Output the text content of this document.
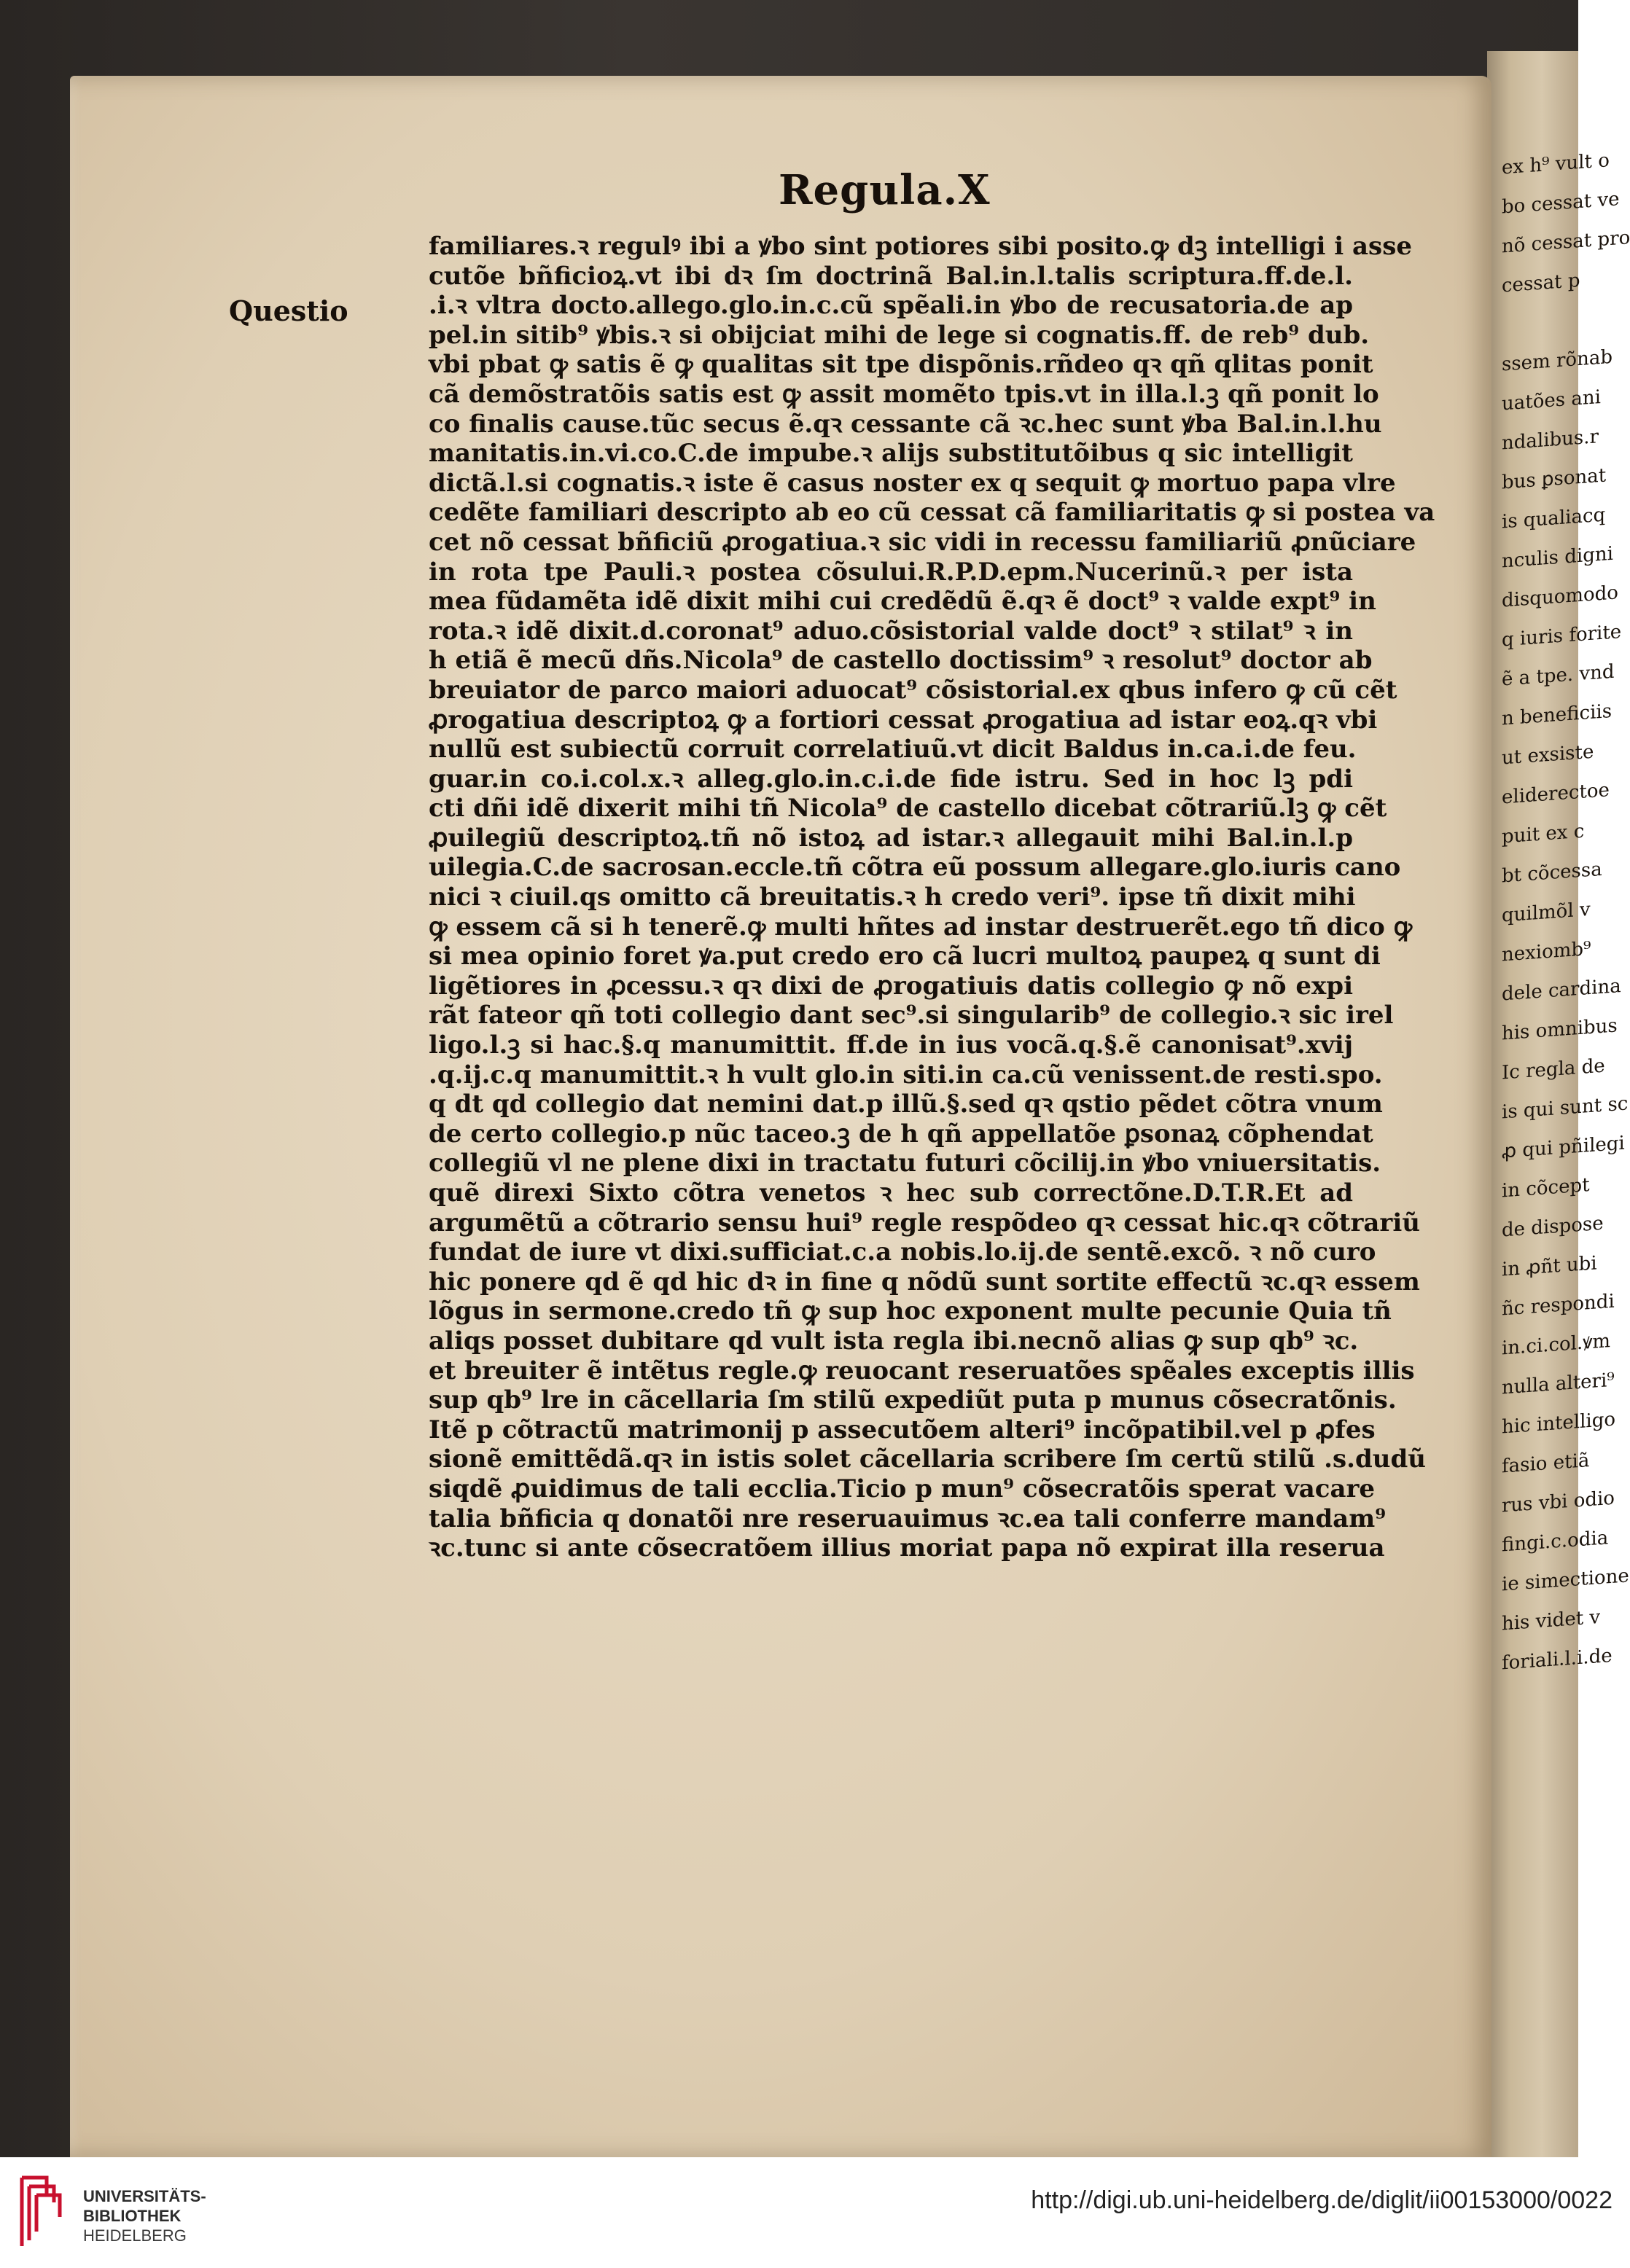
ex h⁹ vult o
bo cessat ve
nõ cessat pro
cessat p
ssem rõnab
uatões ani
ndalibus.r
bus ꝑsonat
is qualiacq
nculis digni
disquomodo
q iuris forite
ẽ a tpe. vnd
n beneficiis
ut exsiste
eliderectoe
puit ex c
bt cõcessa
quilmõl v
nexiomb⁹
dele cardina
his omnibus
Ic regla de
is qui sunt sc
ꝓ qui pñilegi
in cõcept
de dispose
in ꝓñt ubi
ñc respondi
in.ci.col.ꝟm
nulla alteri⁹
hic intelligo
fasio etiã
rus vbi odio
fingi.c.odia
ie simectione
his videt v
foriali.l.i.de
Regula.X
Questio
familiares.ꝛ regulꝰ ibi a ꝟbo sint potiores sibi posito.ꝙ dꝫ intelligi i asse
cutõe bñficioꝝ.vt ibi dꝛ ſm doctrinã Bal.in.l.talis scriptura.ff.de.l.
.i.ꝛ vltra docto.allego.glo.in.c.cũ spẽali.in ꝟbo de recusatoria.de ap
pel.in sitib⁹ ꝟbis.ꝛ si obijciat mihi de lege si cognatis.ff. de reb⁹ dub.
vbi pbat ꝙ satis ẽ ꝙ qualitas sit tpe dispõnis.rñdeo qꝛ qñ qlitas ponit
cã demõstratõis satis est ꝙ assit momẽto tpis.vt in illa.l.ꝫ qñ ponit lo
co finalis cause.tũc secus ẽ.qꝛ cessante cã ꝛc.hec sunt ꝟba Bal.in.l.hu
manitatis.in.vi.co.C.de impube.ꝛ alijs substitutõibus q sic intelligit
dictã.l.si cognatis.ꝛ iste ẽ casus noster ex q sequit ꝙ mortuo papa vlre
cedẽte familiari descripto ab eo cũ cessat cã familiaritatis ꝙ si postea va
cet nõ cessat bñficiũ ꝓrogatiua.ꝛ sic vidi in recessu familiariũ ꝓnũciare
in rota tpe Pauli.ꝛ postea cõsului.R.P.D.epm.Nucerinũ.ꝛ per ista
mea fũdamẽta idẽ dixit mihi cui credẽdũ ẽ.qꝛ ẽ doct⁹ ꝛ valde expt⁹ in
rota.ꝛ idẽ dixit.d.coronat⁹ aduo.cõsistorial valde doct⁹ ꝛ stilat⁹ ꝛ in
h etiã ẽ mecũ dñs.Nicola⁹ de castello doctissim⁹ ꝛ resolut⁹ doctor ab
breuiator de parco maiori aduocat⁹ cõsistorial.ex qbus infero ꝙ cũ cẽt
ꝓrogatiua descriptoꝝ ꝙ a fortiori cessat ꝓrogatiua ad istar eoꝝ.qꝛ vbi
nullũ est subiectũ corruit correlatiuũ.vt dicit Baldus in.ca.i.de feu.
guar.in co.i.col.x.ꝛ alleg.glo.in.c.i.de fide istru. Sed in hoc lꝫ pdi
cti dñi idẽ dixerit mihi tñ Nicola⁹ de castello dicebat cõtrariũ.lꝫ ꝙ cẽt
ꝓuilegiũ descriptoꝝ.tñ nõ istoꝝ ad istar.ꝛ allegauit mihi Bal.in.l.p
uilegia.C.de sacrosan.eccle.tñ cõtra eũ possum allegare.glo.iuris cano
nici ꝛ ciuil.qs omitto cã breuitatis.ꝛ h credo veri⁹. ipse tñ dixit mihi
ꝙ essem cã si h tenerẽ.ꝙ multi hñtes ad instar destruerẽt.ego tñ dico ꝙ
si mea opinio foret ꝟa.put credo ero cã lucri multoꝝ paupeꝝ q sunt di
ligẽtiores in ꝓcessu.ꝛ qꝛ dixi de ꝓrogatiuis datis collegio ꝙ nõ expi
rãt fateor qñ toti collegio dant sec⁹.si singularib⁹ de collegio.ꝛ sic irel
ligo.l.ꝫ si hac.§.q manumittit. ff.de in ius vocã.q.§.ẽ canonisat⁹.xvij
.q.ij.c.q manumittit.ꝛ h vult glo.in siti.in ca.cũ venissent.de resti.spo.
q dt qd collegio dat nemini dat.p illũ.§.sed qꝛ qstio pẽdet cõtra vnum
de certo collegio.p nũc taceo.ꝫ de h qñ appellatõe ꝑsonaꝝ cõphendat
collegiũ vl ne plene dixi in tractatu futuri cõcilij.in ꝟbo vniuersitatis.
quẽ direxi Sixto cõtra venetos ꝛ hec sub correctõne.D.T.R.Et ad
argumẽtũ a cõtrario sensu hui⁹ regle respõdeo qꝛ cessat hic.qꝛ cõtrariũ
fundat de iure vt dixi.sufficiat.c.a nobis.lo.ij.de sentẽ.excõ. ꝛ nõ curo
hic ponere qd ẽ qd hic dꝛ in fine q nõdũ sunt sortite effectũ ꝛc.qꝛ essem
lõgus in sermone.credo tñ ꝙ sup hoc exponent multe pecunie Quia tñ
aliqs posset dubitare qd vult ista regla ibi.necnõ alias ꝙ sup qb⁹ ꝛc.
et breuiter ẽ intẽtus regle.ꝙ reuocant reseruatões spẽales exceptis illis
sup qb⁹ lre in cãcellaria ſm stilũ expediũt puta p munus cõsecratõnis.
Itẽ p cõtractũ matrimonij p assecutõem alteri⁹ incõpatibil.vel p ꝓfes
sionẽ emittẽdã.qꝛ in istis solet cãcellaria scribere ſm certũ stilũ .s.dudũ
siqdẽ ꝓuidimus de tali ecclia.Ticio p mun⁹ cõsecratõis sperat vacare
talia bñficia q donatõi nre reseruauimus ꝛc.ea tali conferre mandam⁹
ꝛc.tunc si ante cõsecratõem illius moriat papa nõ expirat illa reserua
UNIVERSITÄTS-
BIBLIOTHEK
HEIDELBERG
http://digi.ub.uni-heidelberg.de/diglit/ii00153000/0022
